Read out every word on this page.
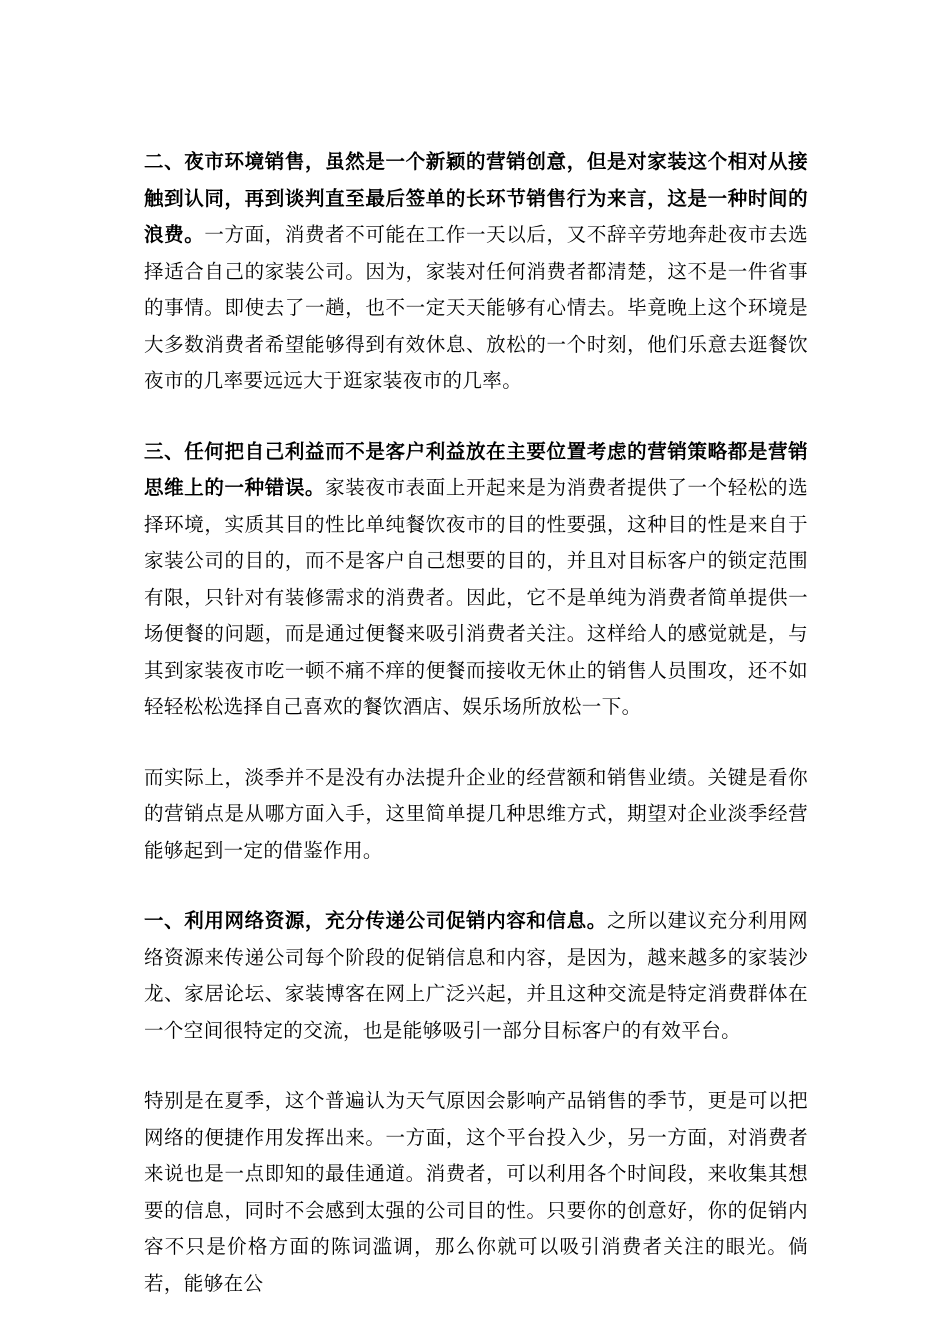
二、夜市环境销售，虽然是一个新颖的营销创意，但是对家装这个相对从接触到认同，再到谈判直至最后签单的长环节销售行为来言，这是一种时间的浪费。一方面，消费者不可能在工作一天以后，又不辞辛劳地奔赴夜市去选择适合自己的家装公司。因为，家装对任何消费者都清楚，这不是一件省事的事情。即使去了一趟，也不一定天天能够有心情去。毕竟晚上这个环境是大多数消费者希望能够得到有效休息、放松的一个时刻，他们乐意去逛餐饮夜市的几率要远远大于逛家装夜市的几率。

三、任何把自己利益而不是客户利益放在主要位置考虑的营销策略都是营销思维上的一种错误。家装夜市表面上开起来是为消费者提供了一个轻松的选择环境，实质其目的性比单纯餐饮夜市的目的性要强，这种目的性是来自于家装公司的目的，而不是客户自己想要的目的，并且对目标客户的锁定范围有限，只针对有装修需求的消费者。因此，它不是单纯为消费者简单提供一场便餐的问题，而是通过便餐来吸引消费者关注。这样给人的感觉就是，与其到家装夜市吃一顿不痛不痒的便餐而接收无休止的销售人员围攻，还不如轻轻松松选择自己喜欢的餐饮酒店、娱乐场所放松一下。

而实际上，淡季并不是没有办法提升企业的经营额和销售业绩。关键是看你的营销点是从哪方面入手，这里简单提几种思维方式，期望对企业淡季经营能够起到一定的借鉴作用。

一、利用网络资源，充分传递公司促销内容和信息。之所以建议充分利用网络资源来传递公司每个阶段的促销信息和内容，是因为，越来越多的家装沙龙、家居论坛、家装博客在网上广泛兴起，并且这种交流是特定消费群体在一个空间很特定的交流，也是能够吸引一部分目标客户的有效平台。

特别是在夏季，这个普遍认为天气原因会影响产品销售的季节，更是可以把网络的便捷作用发挥出来。一方面，这个平台投入少，另一方面，对消费者来说也是一点即知的最佳通道。消费者，可以利用各个时间段，来收集其想要的信息，同时不会感到太强的公司目的性。只要你的创意好，你的促销内容不只是价格方面的陈词滥调，那么你就可以吸引消费者关注的眼光。倘若，能够在公
